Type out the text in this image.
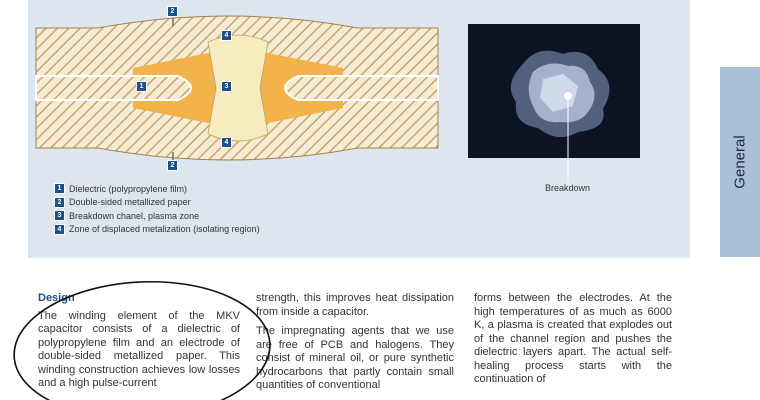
2
4
1	3
4
2
1 Dielectric (polypropylene film)
2 Double-sided metallized paper
3 Breakdown chanel, plasma zone
4 Zone of displaced metalization (isolating region)
Breakdown	General
Design

The winding element of the MKV capacitor consists of a dielectric of polypropylene film and an electrode of double-sided metallized paper. This winding construction achieves low losses and a high pulse-current

strength, this improves heat dissipation from inside a capacitor.

The impregnating agents that we use are free of PCB and halogens. They consist of mineral oil, or pure synthetic hydrocarbons that partly contain small quantities of conventional

forms between the electrodes. At the high temperatures of as much as 6000 K, a plasma is created that explodes out of the channel region and pushes the dielectric layers apart. The actual self-healing process starts with the continuation of
